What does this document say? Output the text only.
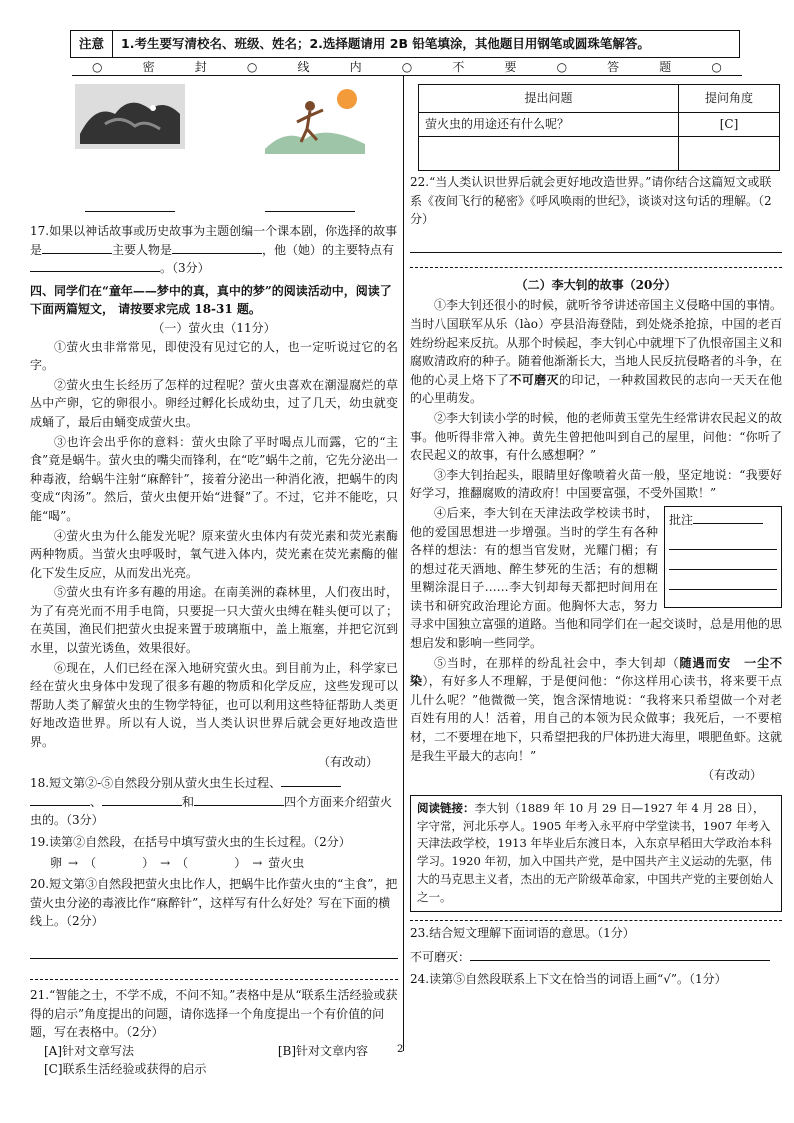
注意	1.考生要写清校名、班级、姓名；2.选择题请用 2B 铅笔填涂，其他题目用钢笔或圆珠笔解答。
○	密	封	○	线	内	○	不	要	○	答	题	○

17.如果以神话故事或历史故事为主题创编一个课本剧，你选择的故事是	主要人物是	，他（她）的主要特点有。（3分）

四、同学们在“童年——梦中的真，真中的梦”的阅读活动中，阅读了下面两篇短文， 请按要求完成 18-31 题。

（一）萤火虫（11分）

①萤火虫非常常见，即使没有见过它的人，也一定听说过它的名字。

②萤火虫生长经历了怎样的过程呢？萤火虫喜欢在潮湿腐烂的草丛中产卵，它的卵很小。卵经过孵化长成幼虫，过了几天，幼虫就变成蛹了，最后由蛹变成萤火虫。

③也许会出乎你的意料：萤火虫除了平时喝点儿而露，它的“主食”竟是蜗牛。萤火虫的嘴尖而锋利，在“吃”蜗牛之前，它先分泌出一种毒液，给蜗牛注射“麻醉针”，接着分泌出一种消化液，把蜗牛的肉变成“肉汤”。然后，萤火虫便开始“进餐”了。不过，它并不能吃，只能“喝”。

④萤火虫为什么能发光呢？原来萤火虫体内有荧光素和荧光素酶两种物质。当萤火虫呼吸时，氧气进入体内，荧光素在荧光素酶的催化下发生反应，从而发出光亮。

⑤萤火虫有许多有趣的用途。在南美洲的森林里，人们夜出时，为了有亮光而不用手电筒，只要捉一只大萤火虫缚在鞋头便可以了；在英国，渔民们把萤火虫捉来置于玻璃瓶中，盖上瓶塞，并把它沉到水里，以萤光诱鱼，效果很好。

⑥现在，人们已经在深入地研究萤火虫。到目前为止，科学家已经在萤火虫身体中发现了很多有趣的物质和化学反应，这些发现可以帮助人类了解萤火虫的生物学特征，也可以利用这些特征帮助人类更好地改造世界。所以有人说，当人类认识世界后就会更好地改造世界。

（有改动）

18.短文第②-⑤自然段分别从萤火虫生长过程、
、	和	四个方面来介绍萤火虫的。（3分）

19.读第②自然段，在括号中填写萤火虫的生长过程。（2分）

卵 → （	） → （	） → 萤火虫

20.短文第③自然段把萤火虫比作人，把蜗牛比作萤火虫的“主食”，把萤火虫分泌的毒液比作“麻醉针”，这样写有什么好处？写在下面的横线上。（2分）

21.“智能之士，不学不成，不问不知。”表格中是从“联系生活经验或获得的启示”角度提出的问题，请你选择一个角度提出一个有价值的问题，写在表格中。（2分）

[A]针对文章写法	[B]针对文章内容
[C]联系生活经验或获得的启示
提出问题	提问角度
萤火虫的用途还有什么呢？	[C]

22.“当人类认识世界后就会更好地改造世界。”请你结合这篇短文或联系《夜间飞行的秘密》《呼风唤雨的世纪》，谈谈对这句话的理解。（2分）

（二）李大钊的故事（20分）

①李大钊还很小的时候，就听爷爷讲述帝国主义侵略中国的事情。当时八国联军从乐（lào）亭县沿海登陆，到处烧杀抢掠，中国的老百姓纷纷起来反抗。从那个时候起，李大钊心中就埋下了仇恨帝国主义和腐败清政府的种子。随着他渐渐长大，当地人民反抗侵略者的斗争，在他的心灵上烙下了不可磨灭的印记，一种救国救民的志向一天天在他的心里萌发。

②李大钊读小学的时候，他的老师黄玉堂先生经常讲农民起义的故事。他听得非常入神。黄先生曾把他叫到自己的屋里，问他：“你听了农民起义的故事，有什么感想啊？”

③李大钊抬起头，眼睛里好像喷着火苗一般，坚定地说：“我要好好学习，推翻腐败的清政府！中国要富强，不受外国欺！”

批注

④后来，李大钊在天津法政学校读书时，他的爱国思想进一步增强。当时的学生有各种各样的想法：有的想当官发财，光耀门楣；有的想过花天酒地、醉生梦死的生活；有的想糊里糊涂混日子……李大钊却每天都把时间用在读书和研究政治理论方面。他胸怀大志，努力寻求中国独立富强的道路。当他和同学们在一起交谈时，总是用他的思想启发和影响一些同学。

⑤当时，在那样的纷乱社会中，李大钊却（随遇而安　一尘不染），有好多人不理解，于是便问他：“你这样用心读书，将来要干点儿什么呢？”他微微一笑，饱含深情地说：“我将来只希望做一个对老百姓有用的人！活着，用自己的本领为民众做事；我死后，一不要棺材，二不要埋在地下，只希望把我的尸体扔进大海里，喂肥鱼虾。这就是我生平最大的志向！”

（有改动）

阅读链接：李大钊（1889 年 10 月 29 日—1927 年 4 月 28 日），字守常，河北乐亭人。1905 年考入永平府中学堂读书，1907 年考入天津法政学校，1913 年毕业后东渡日本，入东京早稻田大学政治本科学习。1920 年初，加入中国共产党，是中国共产主义运动的先驱，伟大的马克思主义者，杰出的无产阶级革命家，中国共产党的主要创始人之一。

23.结合短文理解下面词语的意思。（1分）

不可磨灭：

24.读第⑤自然段联系上下文在恰当的词语上画“√”。（1分）

2
